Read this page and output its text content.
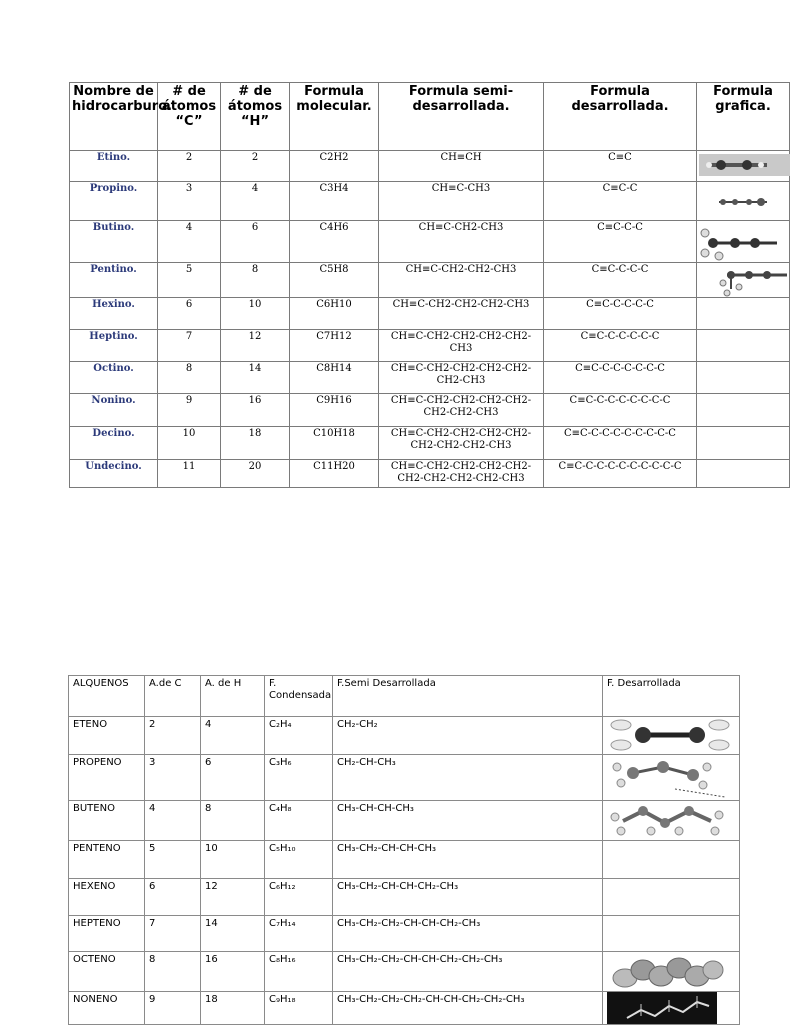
Nombre de hidrocarburo.	# de átomos “C”	# de átomos “H”	Formula molecular.	Formula semi-desarrollada.	Formula desarrollada.	Formula grafica.
Etino.	2	2	C2H2	CH≡CH	C≡C	

Propino.	3	4	C3H4	CH≡C-CH3	C≡C-C	

Butino.	4	6	C4H6	CH≡C-CH2-CH3	C≡C-C-C	

Pentino.	5	8	C5H8	CH≡C-CH2-CH2-CH3	C≡C-C-C-C	

Hexino.	6	10	C6H10	CH≡C-CH2-CH2-CH2-CH3	C≡C-C-C-C-C	
Heptino.	7	12	C7H12	CH≡C-CH2-CH2-CH2-CH2-CH3	C≡C-C-C-C-C-C	
Octino.	8	14	C8H14	CH≡C-CH2-CH2-CH2-CH2-CH2-CH3	C≡C-C-C-C-C-C-C	
Nonino.	9	16	C9H16	CH≡C-CH2-CH2-CH2-CH2-CH2-CH2-CH3	C≡C-C-C-C-C-C-C-C	
Decino.	10	18	C10H18	CH≡C-CH2-CH2-CH2-CH2-CH2-CH2-CH2-CH3	C≡C-C-C-C-C-C-C-C-C	
Undecino.	11	20	C11H20	CH≡C-CH2-CH2-CH2-CH2-CH2-CH2-CH2-CH2-CH3	C≡C-C-C-C-C-C-C-C-C-C	
ALQUENOS	A.de C	A. de H	F. Condensada	F.Semi Desarrollada	F. Desarrollada
ETENO	2	4	C₂H₄	CH₂-CH₂	

PROPENO	3	6	C₃H₆	CH₂-CH-CH₃	

BUTENO	4	8	C₄H₈	CH₃-CH-CH-CH₃	

PENTENO	5	10	C₅H₁₀	CH₃-CH₂-CH-CH-CH₃	
HEXENO	6	12	C₆H₁₂	CH₃-CH₂-CH-CH-CH₂-CH₃	
HEPTENO	7	14	C₇H₁₄	CH₃-CH₂-CH₂-CH-CH-CH₂-CH₃	
OCTENO	8	16	C₈H₁₆	CH₃-CH₂-CH₂-CH-CH-CH₂-CH₂-CH₃	

NONENO	9	18	C₉H₁₈	CH₃-CH₂-CH₂-CH₂-CH-CH-CH₂-CH₂-CH₃	
